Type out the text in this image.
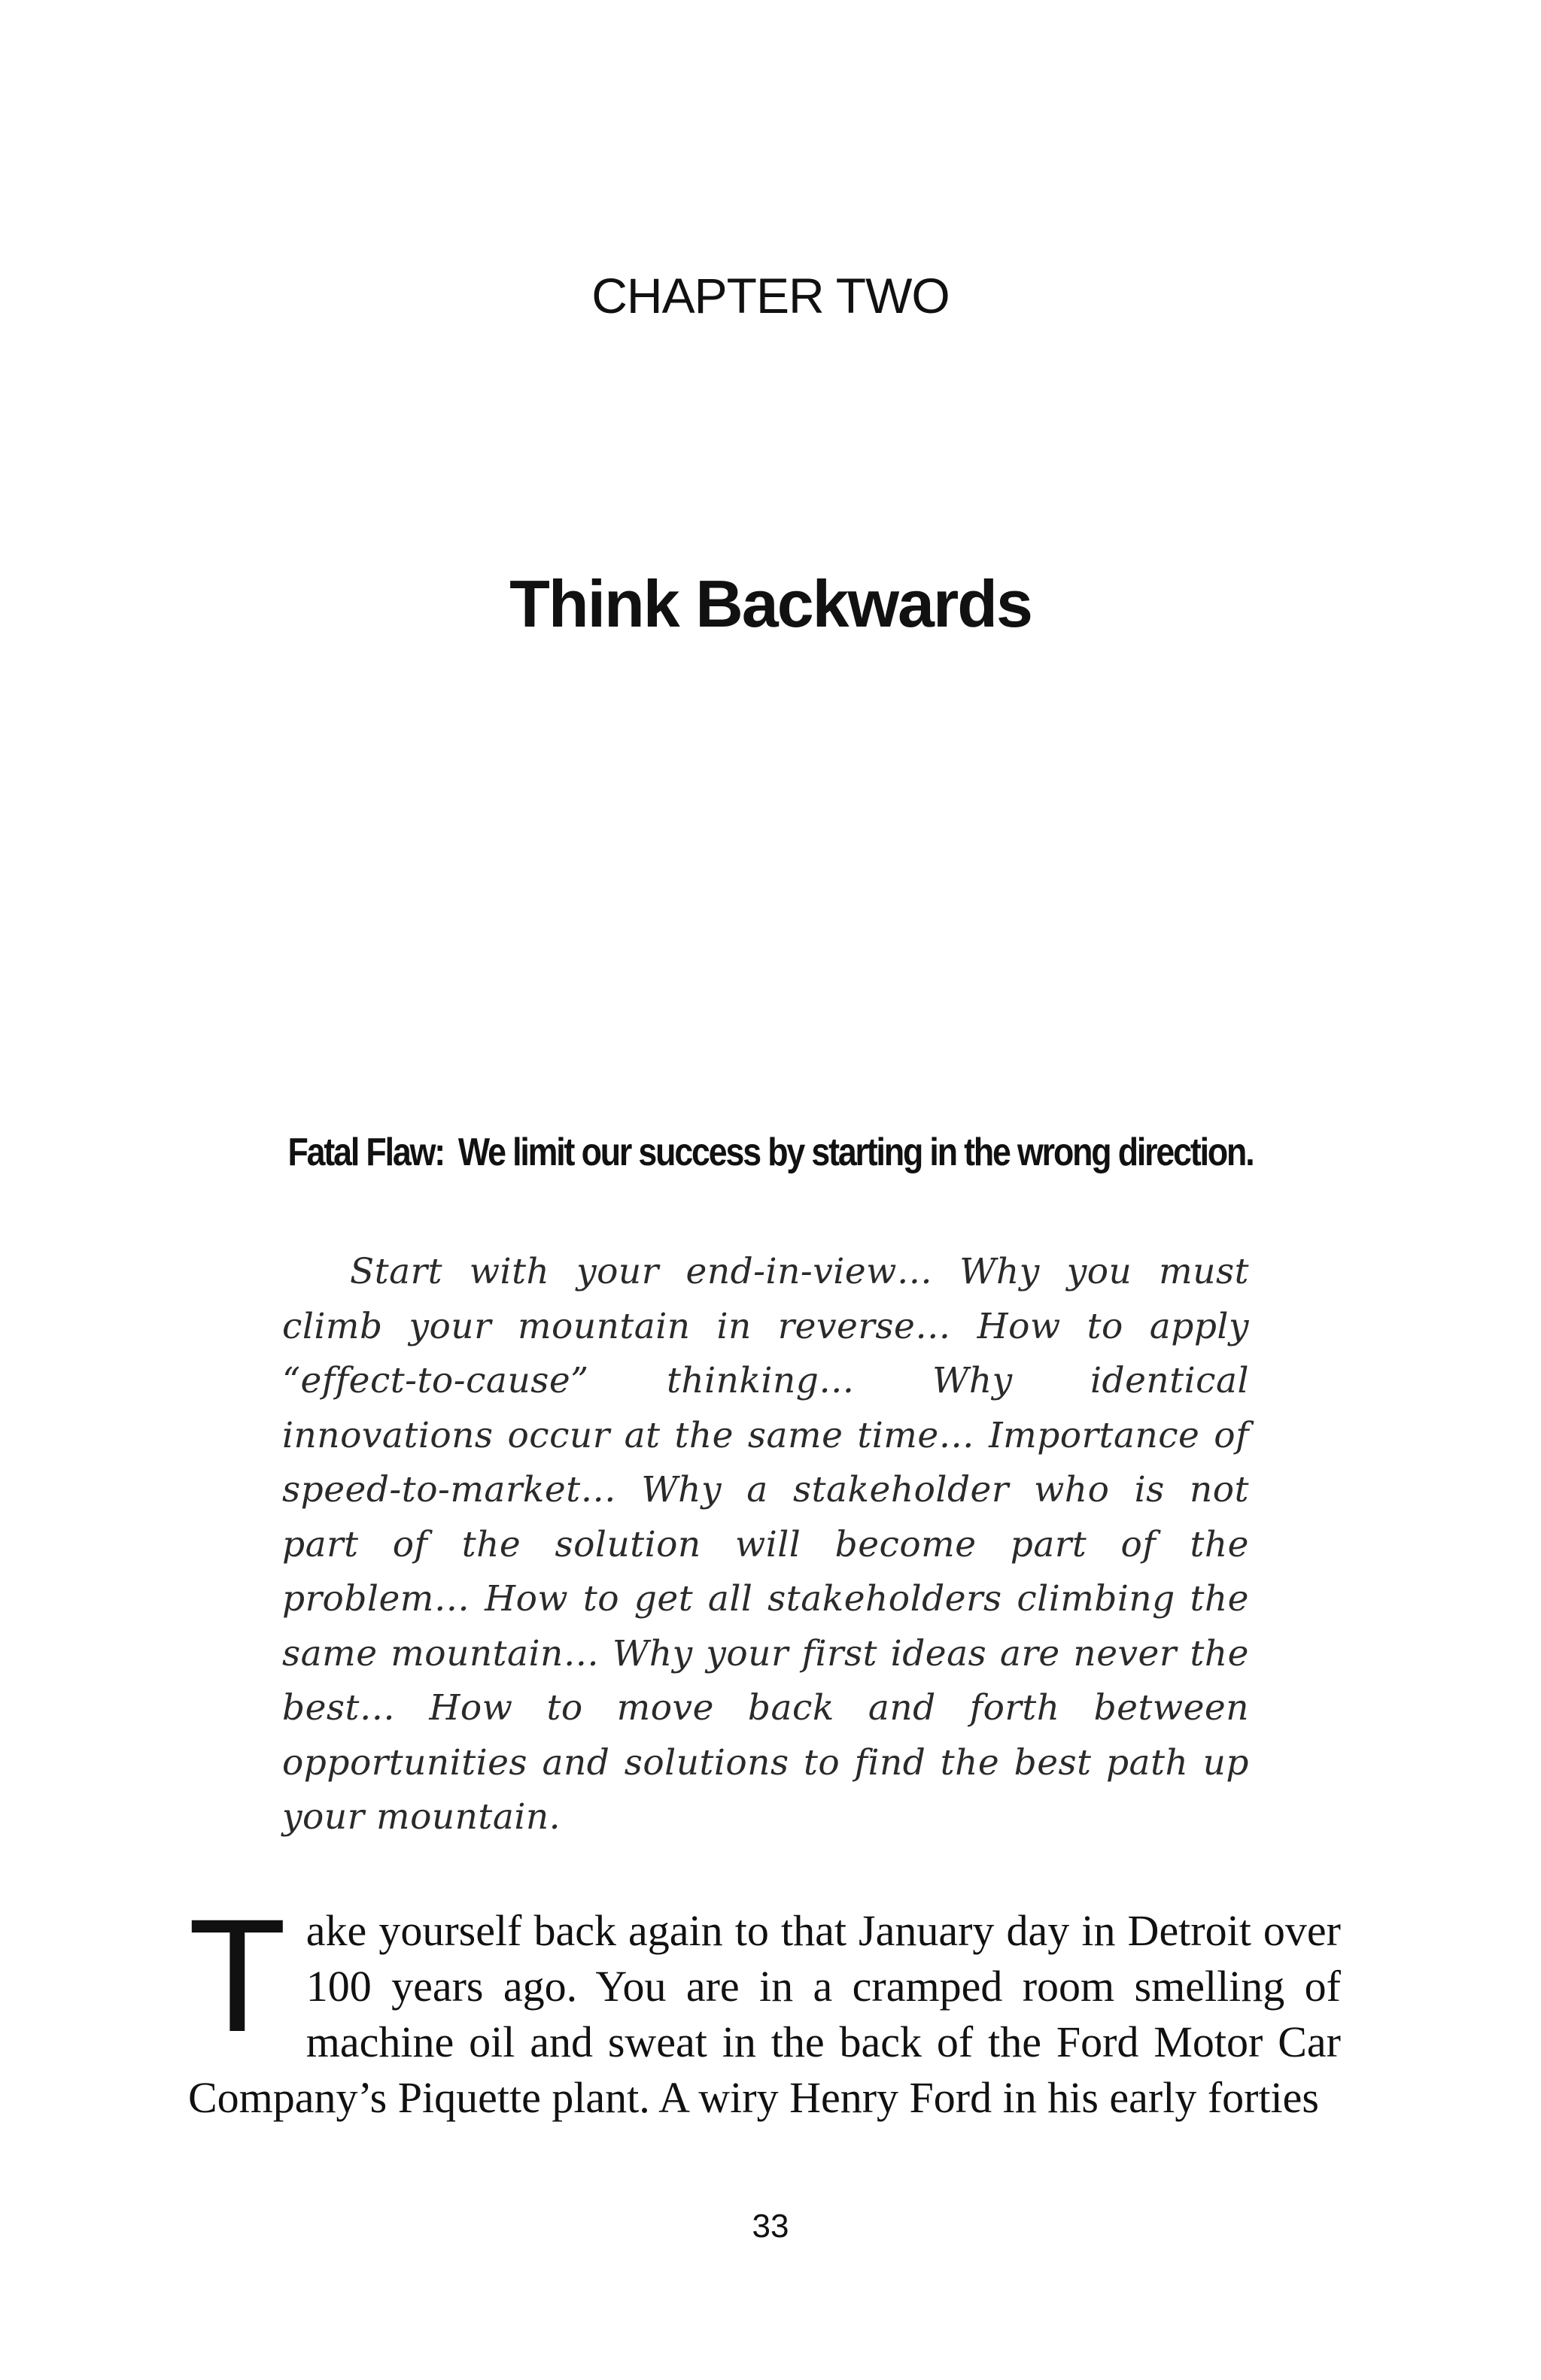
CHAPTER TWO
Think Backwards

Fatal Flaw: We limit our success by starting in the wrong direction.

Start with your end-in-view… Why you must climb your mountain in reverse… How to apply “effect-to-cause” thinking… Why identical innovations occur at the same time… Importance of speed-to-market… Why a stakeholder who is not part of the solution will become part of the problem… How to get all stakeholders climbing the same mountain… Why your first ideas are never the best… How to move back and forth between opportunities and solutions to find the best path up your mountain.

Take yourself back again to that January day in Detroit over 100 years ago. You are in a cramped room smelling of machine oil and sweat in the back of the Ford Motor Car Company’s Piquette plant. A wiry Henry Ford in his early forties

33
